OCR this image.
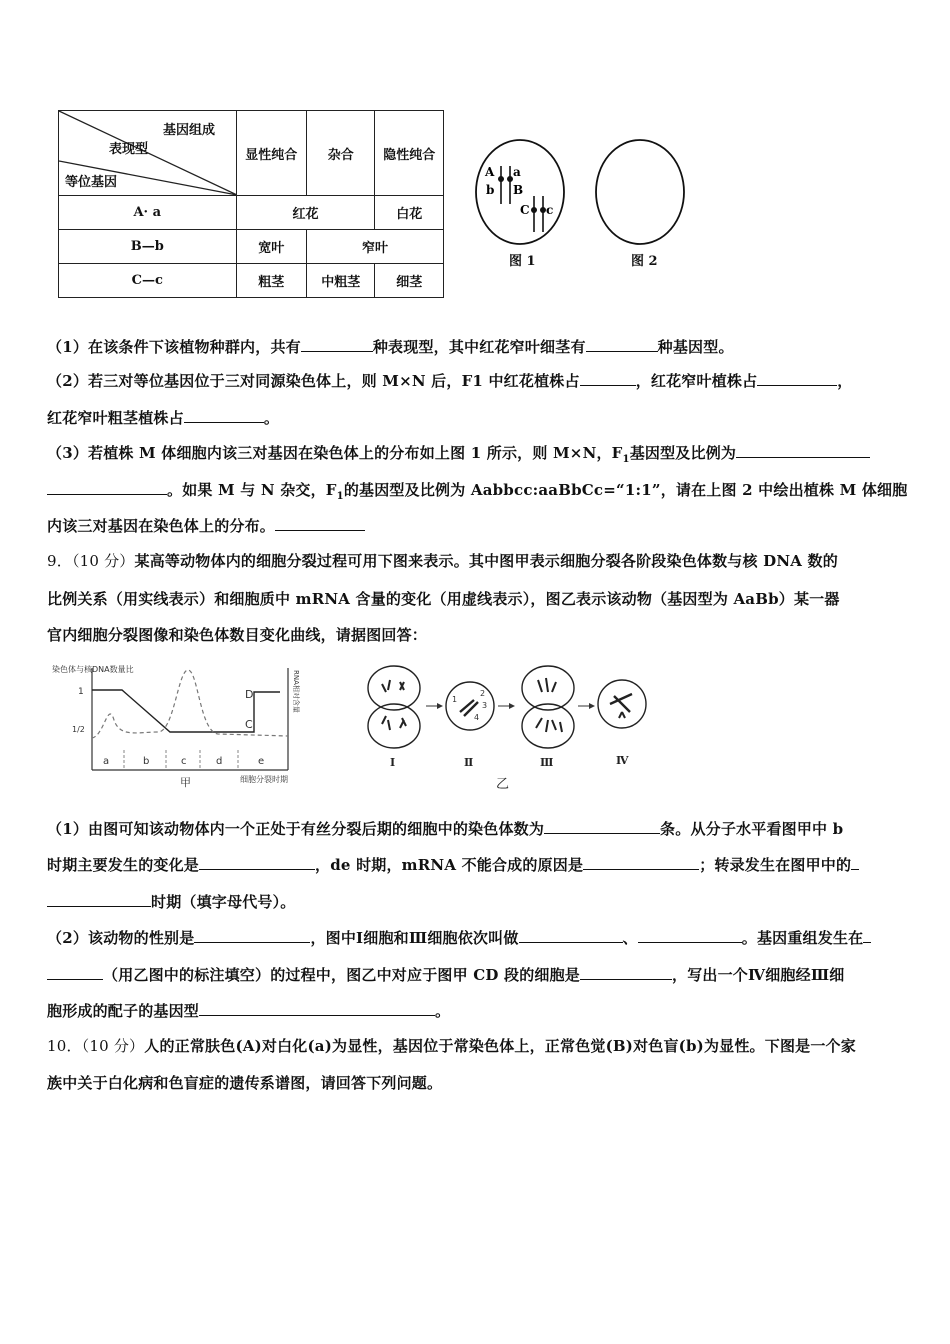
基因组成
表现型
等位基因	显性纯合	杂合	隐性纯合
A· a	红花		白花
B—b	宽叶	窄叶	
C—c	粗茎	中粗茎	细茎
A a
b B
C c
图 1	图 2
（1）在该条件下该植物种群内，共有	种表现型，其中红花窄叶细茎有	种基因型。
（2）若三对等位基因位于三对同源染色体上，则 M×N 后，F1 中红花植株占	，红花窄叶植株占	，
红花窄叶粗茎植株占	。
（3）若植株 M 体细胞内该三对基因在染色体上的分布如上图 1 所示，则 M×N，$F_1$基因型及比例为
。如果 M 与 N 杂交，$F_1$的基因型及比例为 Aabbcc:aaBbCc=“1:1”，请在上图 2 中绘出植株 M 体细胞
内该三对基因在染色体上的分布。
9．（10 分）某高等动物体内的细胞分裂过程可用下图来表示。其中图甲表示细胞分裂各阶段染色体数与核 DNA 数的
比例关系（用实线表示）和细胞质中 mRNA 含量的变化（用虚线表示），图乙表示该动物（基因型为 AaBb）某一器
官内细胞分裂图像和染色体数目变化曲线，请据图回答：
染色体与核DNA数量比
RNA相对含量
1
1/2	C
D
a	b	c	d	e
甲	细胞分裂时期
1
2
3
4
Ⅰ	Ⅱ	Ⅲ	Ⅳ
乙
（1）由图可知该动物体内一个正处于有丝分裂后期的细胞中的染色体数为	条。从分子水平看图甲中 b
时期主要发生的变化是	，de 时期，mRNA 不能合成的原因是	；转录发生在图甲中的
时期（填字母代号）。
（2）该动物的性别是	，图中Ⅰ细胞和Ⅲ细胞依次叫做	、	。基因重组发生在
（用乙图中的标注填空）的过程中，图乙中对应于图甲 CD 段的细胞是	，写出一个Ⅳ细胞经Ⅲ细
胞形成的配子的基因型	。
10．（10 分）人的正常肤色(A)对白化(a)为显性，基因位于常染色体上，正常色觉(B)对色盲(b)为显性。下图是一个家
族中关于白化病和色盲症的遗传系谱图，请回答下列问题。
